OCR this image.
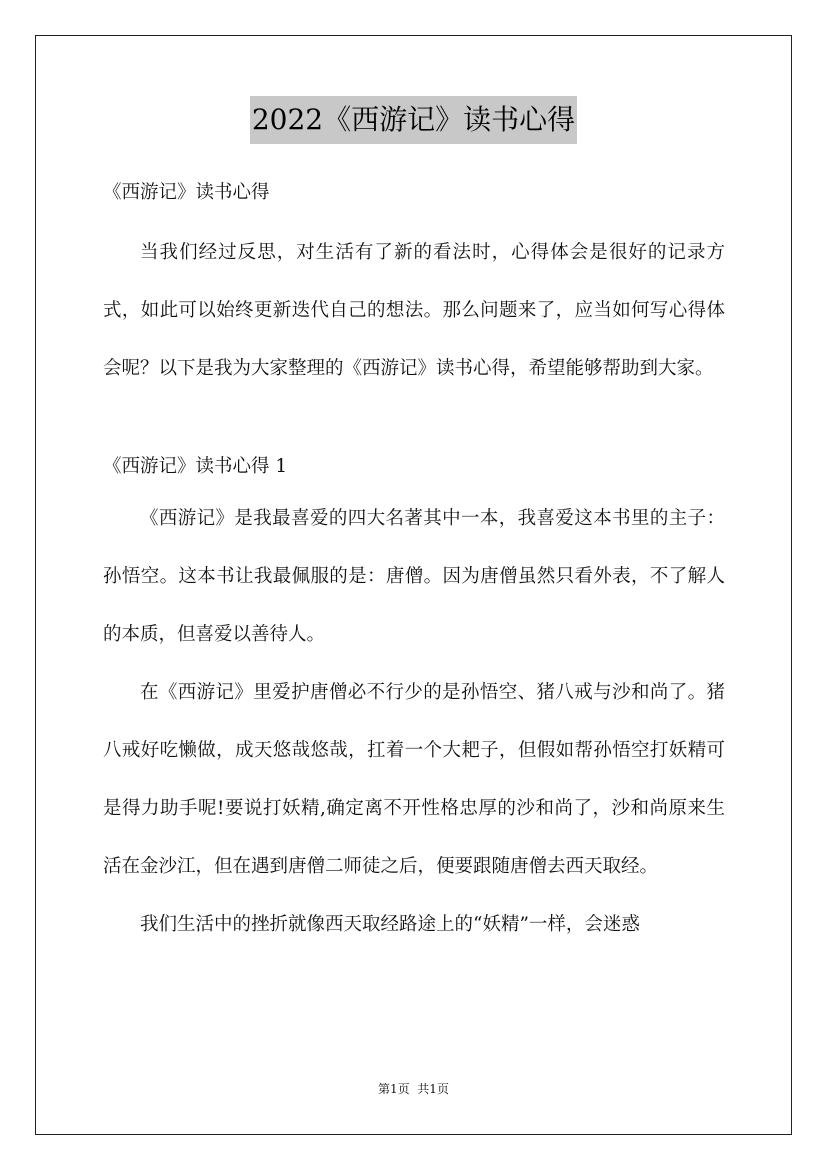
2022《西游记》读书心得

《西游记》读书心得

当我们经过反思，对生活有了新的看法时，心得体会是很好的记录方式，如此可以始终更新迭代自己的想法。那么问题来了，应当如何写心得体会呢？以下是我为大家整理的《西游记》读书心得，希望能够帮助到大家。

《西游记》读书心得 1

《西游记》是我最喜爱的四大名著其中一本，我喜爱这本书里的主子：孙悟空。这本书让我最佩服的是：唐僧。因为唐僧虽然只看外表，不了解人的本质，但喜爱以善待人。

在《西游记》里爱护唐僧必不行少的是孙悟空、猪八戒与沙和尚了。猪八戒好吃懒做，成天悠哉悠哉，扛着一个大耙子，但假如帮孙悟空打妖精可是得力助手呢!要说打妖精,确定离不开性格忠厚的沙和尚了，沙和尚原来生活在金沙江，但在遇到唐僧二师徒之后，便要跟随唐僧去西天取经。

我们生活中的挫折就像西天取经路途上的“妖精”一样，会迷惑

第1页  共1页
